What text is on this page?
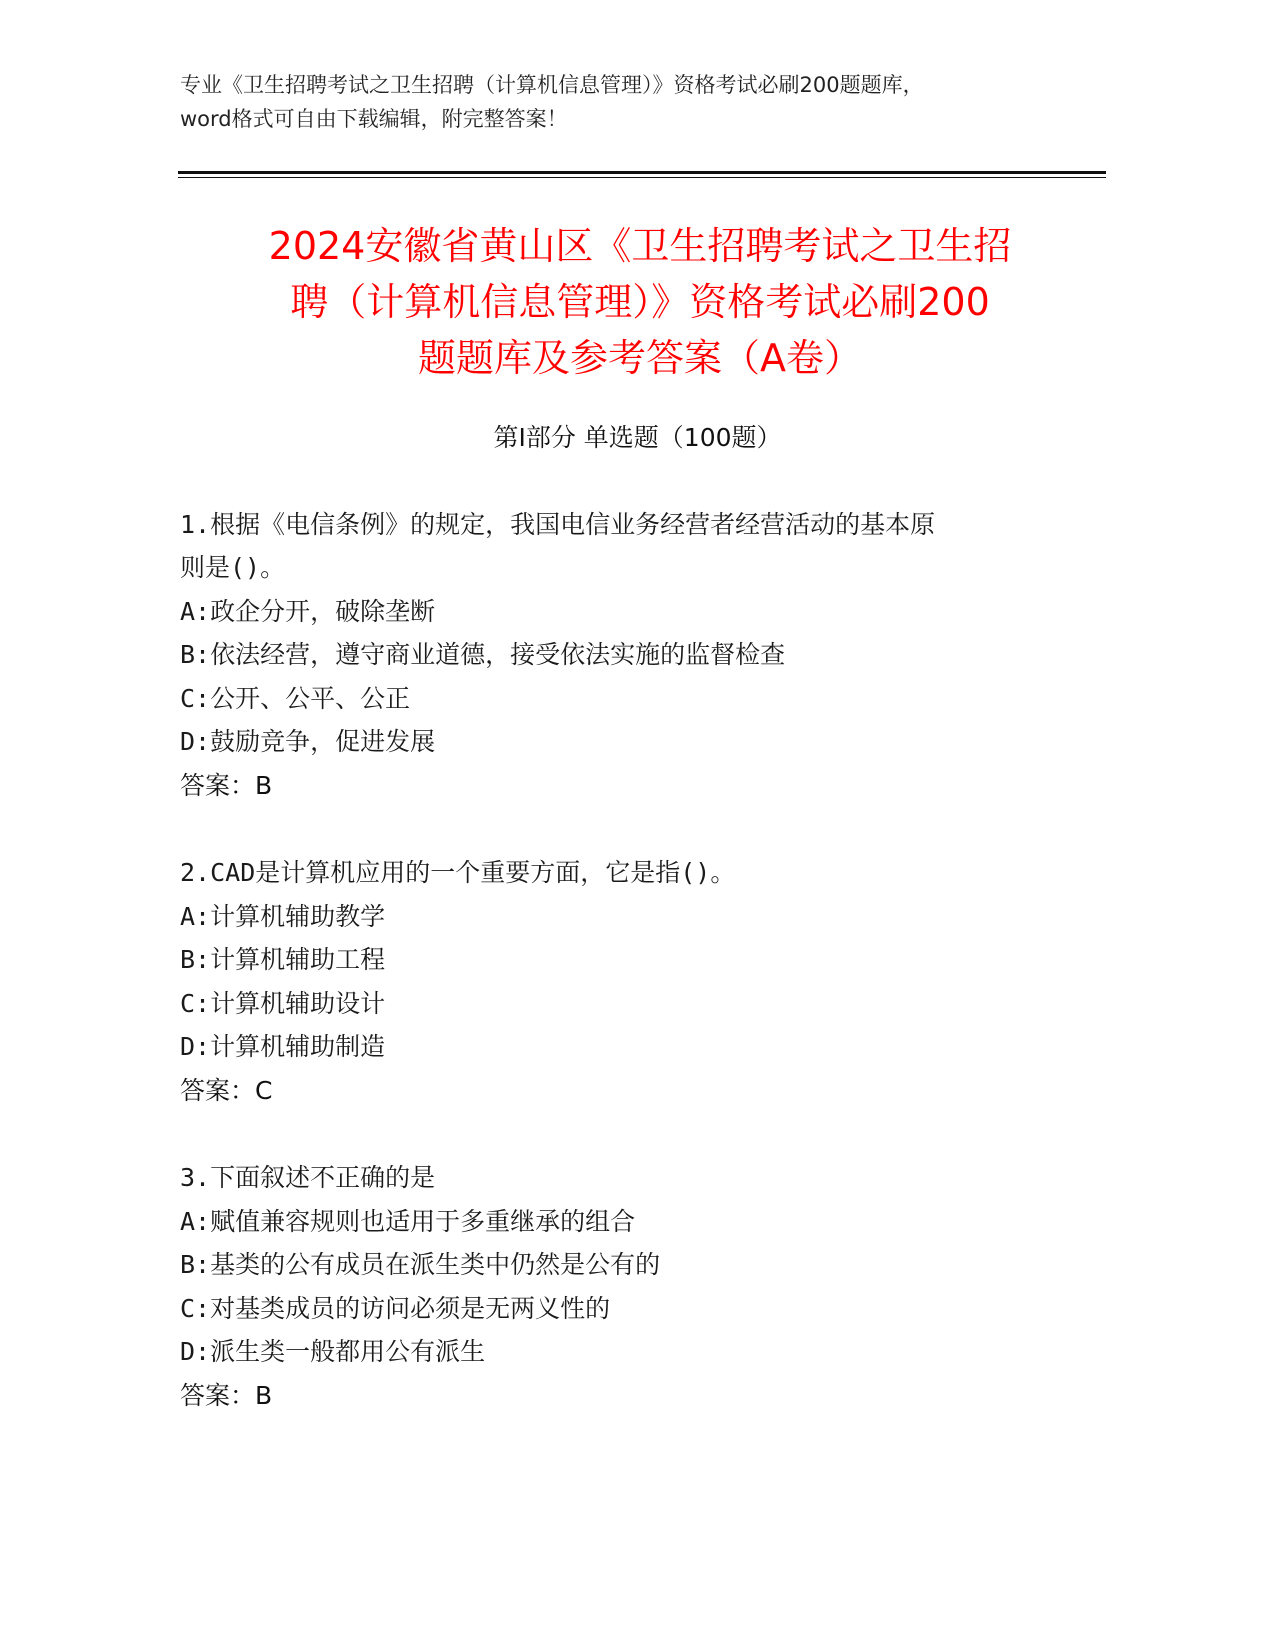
专业《卫生招聘考试之卫生招聘（计算机信息管理）》资格考试必刷200题题库，
word格式可自由下载编辑，附完整答案！
2024安徽省黄山区《卫生招聘考试之卫生招
聘（计算机信息管理）》资格考试必刷200
题题库及参考答案（A卷）
第Ⅰ部分 单选题（100题）
1.根据《电信条例》的规定，我国电信业务经营者经营活动的基本原
则是()。
A:政企分开，破除垄断
B:依法经营，遵守商业道德，接受依法实施的监督检查
C:公开、公平、公正
D:鼓励竞争，促进发展
答案：B
2.CAD是计算机应用的一个重要方面，它是指()。
A:计算机辅助教学
B:计算机辅助工程
C:计算机辅助设计
D:计算机辅助制造
答案：C
3.下面叙述不正确的是
A:赋值兼容规则也适用于多重继承的组合
B:基类的公有成员在派生类中仍然是公有的
C:对基类成员的访问必须是无两义性的
D:派生类一般都用公有派生
答案：B
